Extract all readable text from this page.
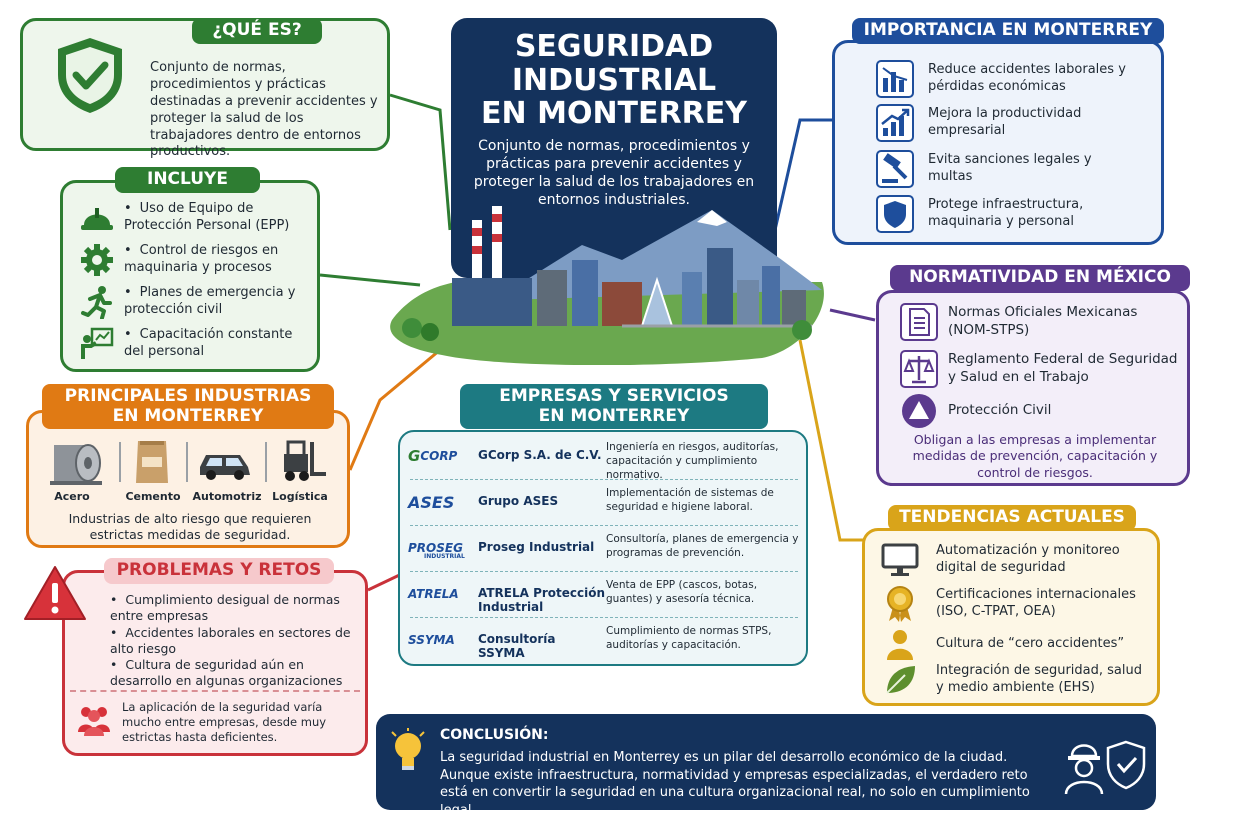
¿QUÉ ES?
Conjunto de normas, procedimientos y prácticas destinadas a prevenir accidentes y proteger la salud de los trabajadores dentro de entornos productivos.
INCLUYE
PRINCIPALES INDUSTRIAS
EN MONTERREY
Acero	Cemento	Automotriz Logística
Industrias de alto riesgo que requieren estrictas medidas de seguridad.
PROBLEMAS Y RETOS
• Cumplimiento desigual de normas entre empresas
• Accidentes laborales en sectores de alto riesgo
• Cultura de seguridad aún en desarrollo en algunas organizaciones
La aplicación de la seguridad varía mucho entre empresas, desde muy estrictas hasta deficientes.
SEGURIDAD
INDUSTRIAL
EN MONTERREY
Conjunto de normas, procedimientos y prácticas para prevenir accidentes y proteger la salud de los trabajadores en entornos industriales.
EMPRESAS Y SERVICIOS
EN MONTERREY
IMPORTANCIA EN MONTERREY
NORMATIVIDAD EN MÉXICO
Obligan a las empresas a implementar medidas de prevención, capacitación y control de riesgos.
TENDENCIAS ACTUALES
CONCLUSIÓN:
La seguridad industrial en Monterrey es un pilar del desarrollo económico de la ciudad. Aunque existe infraestructura, normatividad y empresas especializadas, el verdadero reto está en convertir la seguridad en una cultura organizacional real, no solo en cumplimiento legal.
• Uso de Equipo de Protección Personal (EPP)
• Control de riesgos en maquinaria y procesos
• Planes de emergencia y protección civil
• Capacitación constante del personal
Reduce accidentes laborales y pérdidas económicas
Mejora la productividad empresarial
Evita sanciones legales y multas
Protege infraestructura, maquinaria y personal
Normas Oficiales Mexicanas (NOM-STPS)
Reglamento Federal de Seguridad y Salud en el Trabajo
Protección Civil
Automatización y monitoreo digital de seguridad
Certificaciones internacionales (ISO, C-TPAT, OEA)
Cultura de “cero accidentes”
Integración de seguridad, salud y medio ambiente (EHS)
G CORP GCorp S.A. de C.V.
Ingeniería en riesgos, auditorías, capacitación y cumplimiento normativo.
ASES Grupo ASES
Implementación de sistemas de seguridad e higiene laboral.
PROSEG
INDUSTRIAL
Proseg Industrial
Consultoría, planes de emergencia y programas de prevención.
ATRELA ATRELA Protección Industrial
Venta de EPP (cascos, botas, guantes) y asesoría técnica.
SSYMA Consultoría SSYMA
Cumplimiento de normas STPS, auditorías y capacitación.
